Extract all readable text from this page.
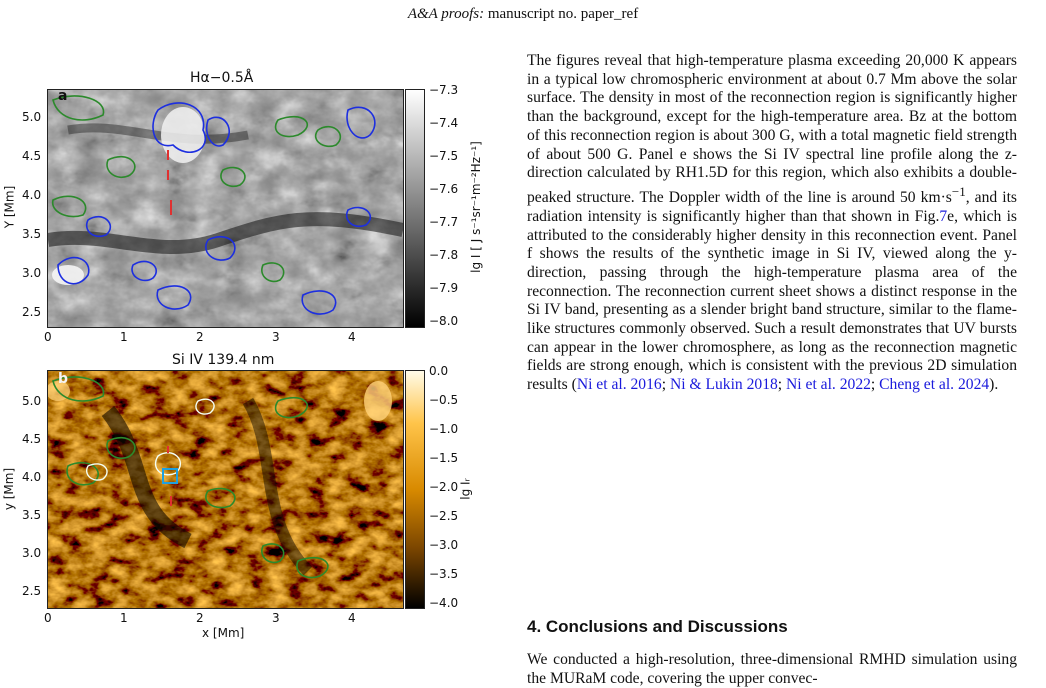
A&A proofs: manuscript no. paper_ref
Hα−0.5Å
a
5.0
4.5
4.0
3.5
3.0
2.5
Y [Mm]
0	1	2	3	4
−7.3
−7.4
−7.5
−7.6
−7.7
−7.8
−7.9
−8.0
lg I [ J s⁻¹sr⁻¹m⁻²Hz⁻¹]
Si IV 139.4 nm
b
5.0
4.5
4.0
3.5
3.0
2.5
y [Mm]
0	1	2	3	4
x [Mm]
0.0
−0.5
−1.0
−1.5
−2.0
−2.5
−3.0
−3.5
−4.0
lg Iᵣ

The figures reveal that high-temperature plasma exceeding 20,000 K appears in a typical low chromospheric environment at about 0.7 Mm above the solar surface. The density in most of the reconnection region is significantly higher than the background, except for the high-temperature area. Bz at the bottom of this reconnection region is about 300 G, with a total magnetic field strength of about 500 G. Panel e shows the Si IV spectral line profile along the z-direction calculated by RH1.5D for this region, which also exhibits a double-peaked structure. The Doppler width of the line is around 50 $km\cdot s^{-1}$, and its radiation intensity is significantly higher than that shown in Fig.7e, which is attributed to the considerably higher density in this reconnection event. Panel f shows the results of the synthetic image in Si IV, viewed along the y-direction, passing through the high-temperature plasma area of the reconnection. The reconnection current sheet shows a distinct response in the Si IV band, presenting as a slender bright band structure, similar to the flame-like structures commonly observed. Such a result demonstrates that UV bursts can appear in the lower chromosphere, as long as the reconnection magnetic fields are strong enough, which is consistent with the previous 2D simulation results (Ni et al. 2016; Ni & Lukin 2018; Ni et al. 2022; Cheng et al. 2024).

4. Conclusions and Discussions
We conducted a high-resolution, three-dimensional RMHD simulation using the MURaM code, covering the upper convec-
